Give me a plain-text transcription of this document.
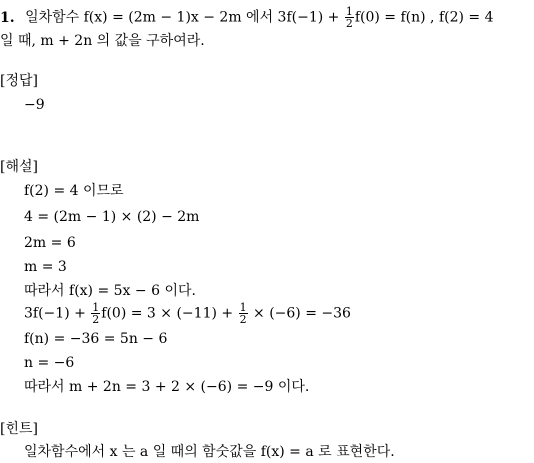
1. 일차함수 f(x) = (2m − 1)x − 2m 에서 $3f(-1) + \frac{1}{2} f(0) = f(n)$ , f(2) = 4
일 때, m + 2n 의 값을 구하여라.
[정답]
−9
[해설]
f(2) = 4 이므로
4 = (2m − 1) × (2) − 2m
2m = 6
m = 3
따라서 f(x) = 5x − 6 이다.
$3f(-1) + \frac{1}{2} f(0) = 3 \times (-11) + \frac{1}{2} \times (-6) = -36$
f(n) = −36 = 5n − 6
n = −6
따라서 m + 2n = 3 + 2 × (−6) = −9 이다.
[힌트]
일차함수에서 x 는 a 일 때의 함숫값을 f(x) = a 로 표현한다.
